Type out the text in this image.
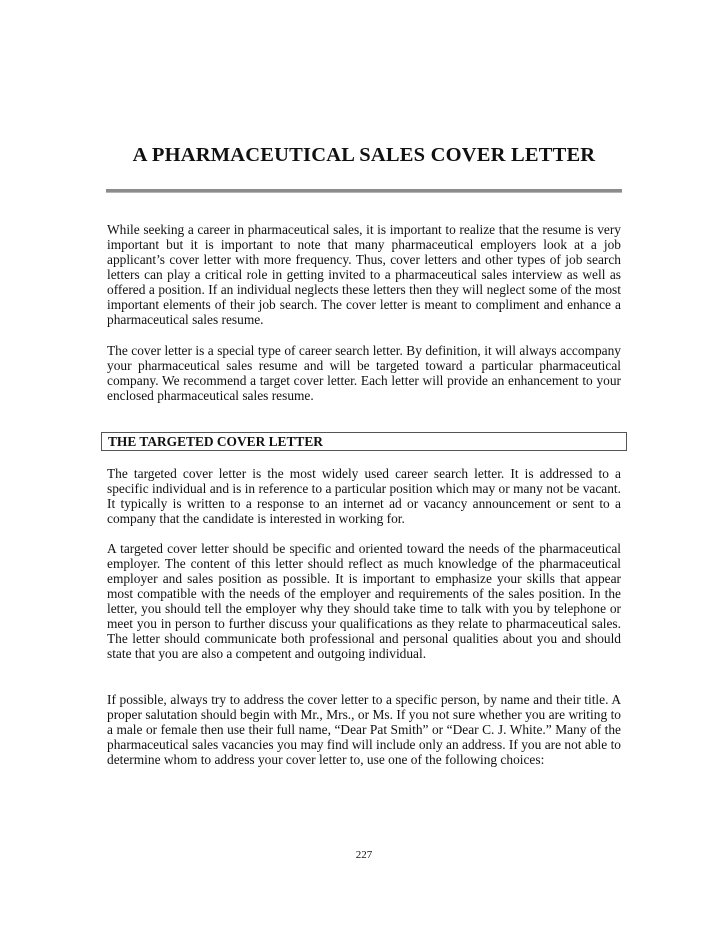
A PHARMACEUTICAL SALES COVER LETTER

While seeking a career in pharmaceutical sales, it is important to realize that the resume is very important but it is important to note that many pharmaceutical employers look at a job applicant’s cover letter with more frequency. Thus, cover letters and other types of job search letters can play a critical role in getting invited to a pharmaceutical sales interview as well as offered a position. If an individual neglects these letters then they will neglect some of the most important elements of their job search. The cover letter is meant to compliment and enhance a pharmaceutical sales resume.

The cover letter is a special type of career search letter. By definition, it will always accompany your pharmaceutical sales resume and will be targeted toward a particular pharmaceutical company. We recommend a target cover letter. Each letter will provide an enhancement to your enclosed pharmaceutical sales resume.

THE TARGETED COVER LETTER

The targeted cover letter is the most widely used career search letter. It is addressed to a specific individual and is in reference to a particular position which may or many not be vacant. It typically is written to a response to an internet ad or vacancy announcement or sent to a company that the candidate is interested in working for.

A targeted cover letter should be specific and oriented toward the needs of the pharmaceutical employer. The content of this letter should reflect as much knowledge of the pharmaceutical employer and sales position as possible. It is important to emphasize your skills that appear most compatible with the needs of the employer and requirements of the sales position. In the letter, you should tell the employer why they should take time to talk with you by telephone or meet you in person to further discuss your qualifications as they relate to pharmaceutical sales. The letter should communicate both professional and personal qualities about you and should state that you are also a competent and outgoing individual.

If possible, always try to address the cover letter to a specific person, by name and their title. A proper salutation should begin with Mr., Mrs., or Ms. If you not sure whether you are writing to a male or female then use their full name, “Dear Pat Smith” or “Dear C. J. White.” Many of the pharmaceutical sales vacancies you may find will include only an address. If you are not able to determine whom to address your cover letter to, use one of the following choices:

227
